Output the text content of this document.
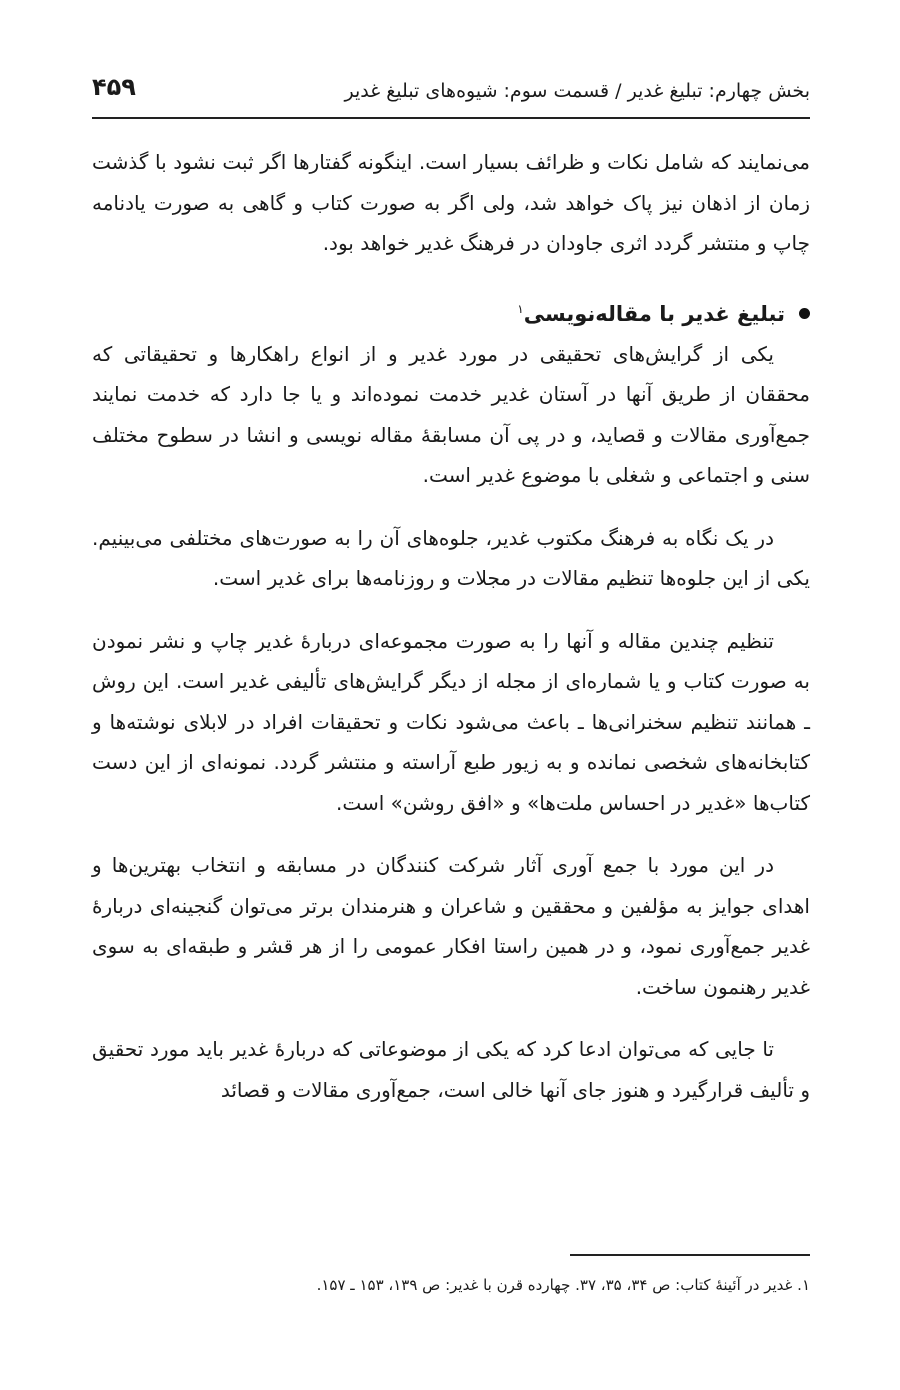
بخش چهارم: تبلیغ غدیر / قسمت سوم: شیوه‌های تبلیغ غدیر
۴۵۹

می‌نمایند که شامل نکات و ظرائف بسیار است. اینگونه گفتارها اگر ثبت نشود با گذشت زمان از اذهان نیز پاک خواهد شد، ولی اگر به صورت کتاب و گاهی به صورت یادنامه چاپ و منتشر گردد اثری جاودان در فرهنگ غدیر خواهد بود.

تبلیغ غدیر با مقاله‌نویسی$^۱$

یکی از گرایش‌های تحقیقی در مورد غدیر و از انواع راهکارها و تحقیقاتی که محققان از طریق آنها در آستان غدیر خدمت نموده‌اند و یا جا دارد که خدمت نمایند جمع‌آوری مقالات و قصاید، و در پی آن مسابقهٔ مقاله نویسی و انشا در سطوح مختلف سنی و اجتماعی و شغلی با موضوع غدیر است.

در یک نگاه به فرهنگ مکتوب غدیر، جلوه‌های آن را به صورت‌های مختلفی می‌بینیم. یکی از این جلوه‌ها تنظیم مقالات در مجلات و روزنامه‌ها برای غدیر است.

تنظیم چندین مقاله و آنها را به صورت مجموعه‌ای دربارهٔ غدیر چاپ و نشر نمودن به صورت کتاب و یا شماره‌ای از مجله از دیگر گرایش‌های تألیفی غدیر است. این روش ـ همانند تنظیم سخنرانی‌ها ـ باعث می‌شود نکات و تحقیقات افراد در لابلای نوشته‌ها و کتابخانه‌های شخصی نمانده و به زیور طبع آراسته و منتشر گردد. نمونه‌ای از این دست کتاب‌ها «غدیر در احساس ملت‌ها» و «افق روشن» است.

در این مورد با جمع آوری آثار شرکت کنندگان در مسابقه و انتخاب بهترین‌ها و اهدای جوایز به مؤلفین و محققین و شاعران و هنرمندان برتر می‌توان گنجینه‌ای دربارهٔ غدیر جمع‌آوری نمود، و در همین راستا افکار عمومی را از هر قشر و طبقه‌ای به سوی غدیر رهنمون ساخت.

تا جایی که می‌توان ادعا کرد که یکی از موضوعاتی که دربارهٔ غدیر باید مورد تحقیق و تألیف قرارگیرد و هنوز جای آنها خالی است، جمع‌آوری مقالات و قصائد

۱. غدیر در آئینهٔ کتاب: ص ۳۴، ۳۵، ۳۷. چهارده قرن با غدیر: ص ۱۳۹، ۱۵۳ ـ ۱۵۷.
